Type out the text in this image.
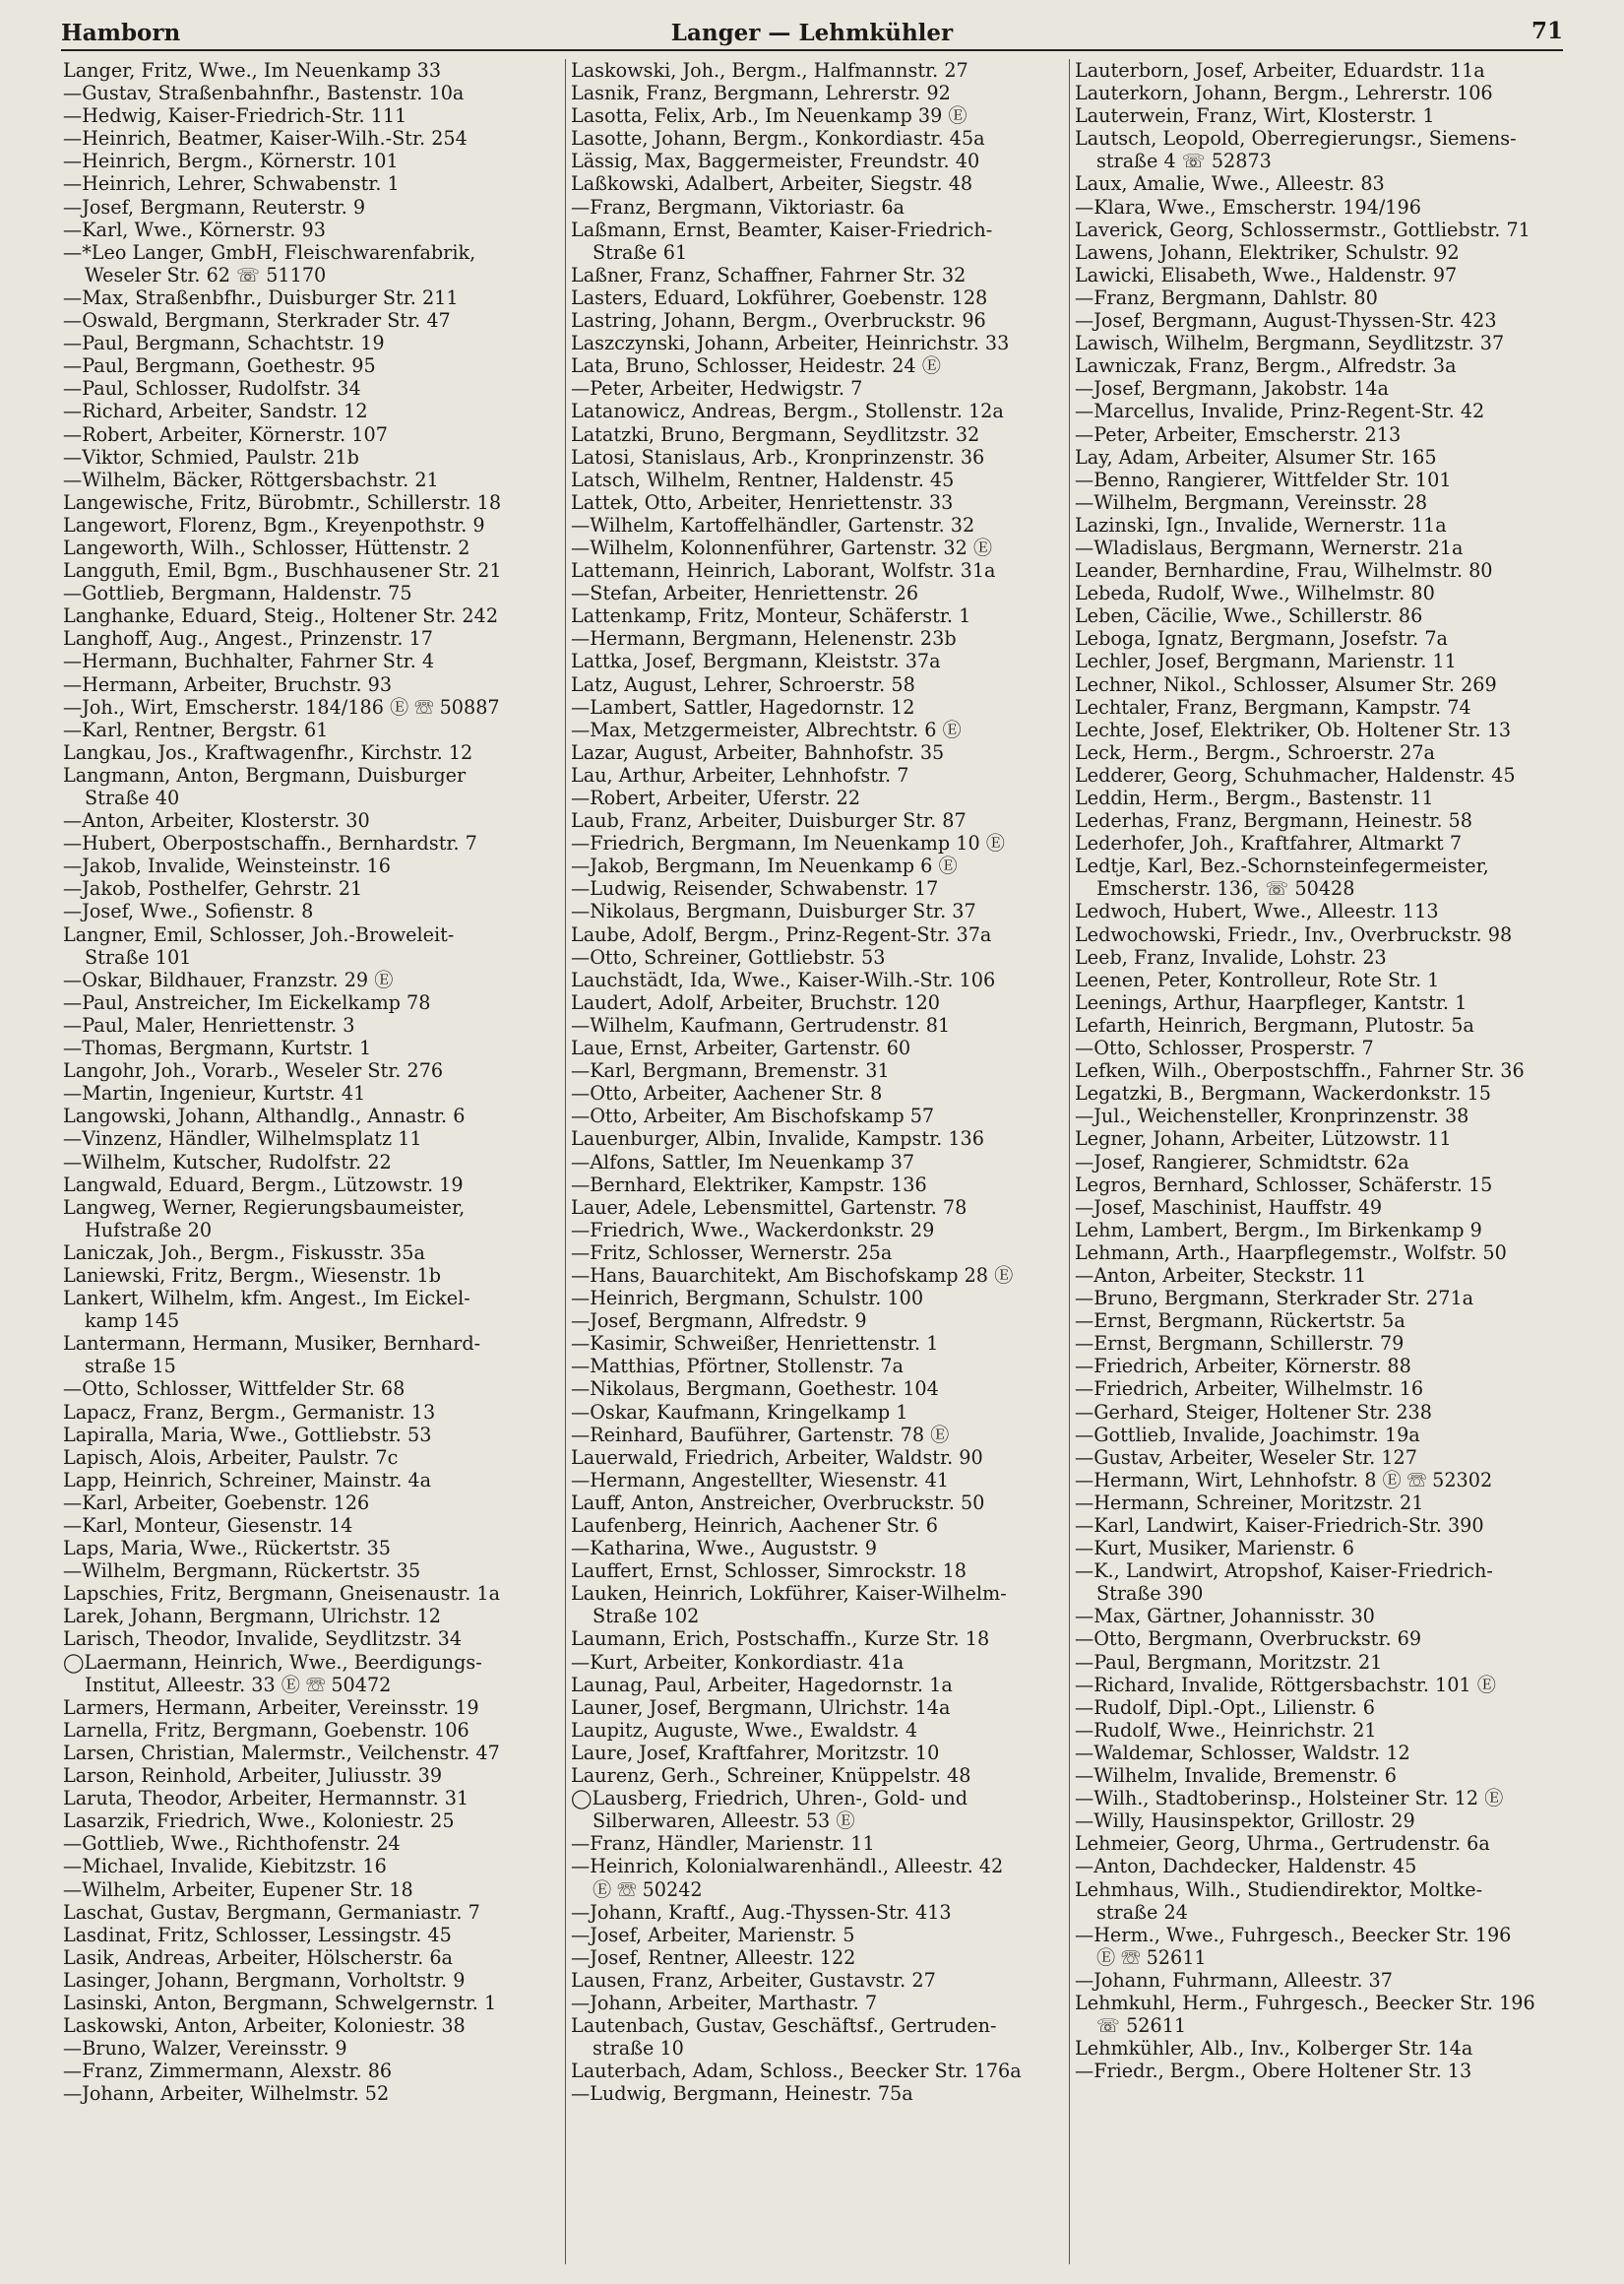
Hamborn	Langer — Lehmkühler	71
Langer, Fritz, Wwe., Im Neuenkamp 33
—Gustav, Straßenbahnfhr., Bastenstr. 10a
—Hedwig, Kaiser-Friedrich-Str. 111
—Heinrich, Beatmer, Kaiser-Wilh.-Str. 254
—Heinrich, Bergm., Körnerstr. 101
—Heinrich, Lehrer, Schwabenstr. 1
—Josef, Bergmann, Reuterstr. 9
—Karl, Wwe., Körnerstr. 93
—*Leo Langer, GmbH, Fleischwarenfabrik,
Weseler Str. 62 ☏ 51170
—Max, Straßenbfhr., Duisburger Str. 211
—Oswald, Bergmann, Sterkrader Str. 47
—Paul, Bergmann, Schachtstr. 19
—Paul, Bergmann, Goethestr. 95
—Paul, Schlosser, Rudolfstr. 34
—Richard, Arbeiter, Sandstr. 12
—Robert, Arbeiter, Körnerstr. 107
—Viktor, Schmied, Paulstr. 21b
—Wilhelm, Bäcker, Röttgersbachstr. 21
Langewische, Fritz, Bürobmtr., Schillerstr. 18
Langewort, Florenz, Bgm., Kreyenpothstr. 9
Langeworth, Wilh., Schlosser, Hüttenstr. 2
Langguth, Emil, Bgm., Buschhausener Str. 21
—Gottlieb, Bergmann, Haldenstr. 75
Langhanke, Eduard, Steig., Holtener Str. 242
Langhoff, Aug., Angest., Prinzenstr. 17
—Hermann, Buchhalter, Fahrner Str. 4
—Hermann, Arbeiter, Bruchstr. 93
—Joh., Wirt, Emscherstr. 184/186 Ⓔ ☏ 50887
—Karl, Rentner, Bergstr. 61
Langkau, Jos., Kraftwagenfhr., Kirchstr. 12
Langmann, Anton, Bergmann, Duisburger
Straße 40
—Anton, Arbeiter, Klosterstr. 30
—Hubert, Oberpostschaffn., Bernhardstr. 7
—Jakob, Invalide, Weinsteinstr. 16
—Jakob, Posthelfer, Gehrstr. 21
—Josef, Wwe., Sofienstr. 8
Langner, Emil, Schlosser, Joh.-Broweleit-
Straße 101
—Oskar, Bildhauer, Franzstr. 29 Ⓔ
—Paul, Anstreicher, Im Eickelkamp 78
—Paul, Maler, Henriettenstr. 3
—Thomas, Bergmann, Kurtstr. 1
Langohr, Joh., Vorarb., Weseler Str. 276
—Martin, Ingenieur, Kurtstr. 41
Langowski, Johann, Althandlg., Annastr. 6
—Vinzenz, Händler, Wilhelmsplatz 11
—Wilhelm, Kutscher, Rudolfstr. 22
Langwald, Eduard, Bergm., Lützowstr. 19
Langweg, Werner, Regierungsbaumeister,
Hufstraße 20
Laniczak, Joh., Bergm., Fiskusstr. 35a
Laniewski, Fritz, Bergm., Wiesenstr. 1b
Lankert, Wilhelm, kfm. Angest., Im Eickel-
kamp 145
Lantermann, Hermann, Musiker, Bernhard-
straße 15
—Otto, Schlosser, Wittfelder Str. 68
Lapacz, Franz, Bergm., Germanistr. 13
Lapiralla, Maria, Wwe., Gottliebstr. 53
Lapisch, Alois, Arbeiter, Paulstr. 7c
Lapp, Heinrich, Schreiner, Mainstr. 4a
—Karl, Arbeiter, Goebenstr. 126
—Karl, Monteur, Giesenstr. 14
Laps, Maria, Wwe., Rückertstr. 35
—Wilhelm, Bergmann, Rückertstr. 35
Lapschies, Fritz, Bergmann, Gneisenaustr. 1a
Larek, Johann, Bergmann, Ulrichstr. 12
Larisch, Theodor, Invalide, Seydlitzstr. 34
◯Laermann, Heinrich, Wwe., Beerdigungs-
Institut, Alleestr. 33 Ⓔ ☏ 50472
Larmers, Hermann, Arbeiter, Vereinsstr. 19
Larnella, Fritz, Bergmann, Goebenstr. 106
Larsen, Christian, Malermstr., Veilchenstr. 47
Larson, Reinhold, Arbeiter, Juliusstr. 39
Laruta, Theodor, Arbeiter, Hermannstr. 31
Lasarzik, Friedrich, Wwe., Koloniestr. 25
—Gottlieb, Wwe., Richthofenstr. 24
—Michael, Invalide, Kiebitzstr. 16
—Wilhelm, Arbeiter, Eupener Str. 18
Laschat, Gustav, Bergmann, Germaniastr. 7
Lasdinat, Fritz, Schlosser, Lessingstr. 45
Lasik, Andreas, Arbeiter, Hölscherstr. 6a
Lasinger, Johann, Bergmann, Vorholtstr. 9
Lasinski, Anton, Bergmann, Schwelgernstr. 1
Laskowski, Anton, Arbeiter, Koloniestr. 38
—Bruno, Walzer, Vereinsstr. 9
—Franz, Zimmermann, Alexstr. 86
—Johann, Arbeiter, Wilhelmstr. 52
Laskowski, Joh., Bergm., Halfmannstr. 27
Lasnik, Franz, Bergmann, Lehrerstr. 92
Lasotta, Felix, Arb., Im Neuenkamp 39 Ⓔ
Lasotte, Johann, Bergm., Konkordiastr. 45a
Lässig, Max, Baggermeister, Freundstr. 40
Laßkowski, Adalbert, Arbeiter, Siegstr. 48
—Franz, Bergmann, Viktoriastr. 6a
Laßmann, Ernst, Beamter, Kaiser-Friedrich-
Straße 61
Laßner, Franz, Schaffner, Fahrner Str. 32
Lasters, Eduard, Lokführer, Goebenstr. 128
Lastring, Johann, Bergm., Overbruckstr. 96
Laszczynski, Johann, Arbeiter, Heinrichstr. 33
Lata, Bruno, Schlosser, Heidestr. 24 Ⓔ
—Peter, Arbeiter, Hedwigstr. 7
Latanowicz, Andreas, Bergm., Stollenstr. 12a
Latatzki, Bruno, Bergmann, Seydlitzstr. 32
Latosi, Stanislaus, Arb., Kronprinzenstr. 36
Latsch, Wilhelm, Rentner, Haldenstr. 45
Lattek, Otto, Arbeiter, Henriettenstr. 33
—Wilhelm, Kartoffelhändler, Gartenstr. 32
—Wilhelm, Kolonnenführer, Gartenstr. 32 Ⓔ
Lattemann, Heinrich, Laborant, Wolfstr. 31a
—Stefan, Arbeiter, Henriettenstr. 26
Lattenkamp, Fritz, Monteur, Schäferstr. 1
—Hermann, Bergmann, Helenenstr. 23b
Lattka, Josef, Bergmann, Kleiststr. 37a
Latz, August, Lehrer, Schroerstr. 58
—Lambert, Sattler, Hagedornstr. 12
—Max, Metzgermeister, Albrechtstr. 6 Ⓔ
Lazar, August, Arbeiter, Bahnhofstr. 35
Lau, Arthur, Arbeiter, Lehnhofstr. 7
—Robert, Arbeiter, Uferstr. 22
Laub, Franz, Arbeiter, Duisburger Str. 87
—Friedrich, Bergmann, Im Neuenkamp 10 Ⓔ
—Jakob, Bergmann, Im Neuenkamp 6 Ⓔ
—Ludwig, Reisender, Schwabenstr. 17
—Nikolaus, Bergmann, Duisburger Str. 37
Laube, Adolf, Bergm., Prinz-Regent-Str. 37a
—Otto, Schreiner, Gottliebstr. 53
Lauchstädt, Ida, Wwe., Kaiser-Wilh.-Str. 106
Laudert, Adolf, Arbeiter, Bruchstr. 120
—Wilhelm, Kaufmann, Gertrudenstr. 81
Laue, Ernst, Arbeiter, Gartenstr. 60
—Karl, Bergmann, Bremenstr. 31
—Otto, Arbeiter, Aachener Str. 8
—Otto, Arbeiter, Am Bischofskamp 57
Lauenburger, Albin, Invalide, Kampstr. 136
—Alfons, Sattler, Im Neuenkamp 37
—Bernhard, Elektriker, Kampstr. 136
Lauer, Adele, Lebensmittel, Gartenstr. 78
—Friedrich, Wwe., Wackerdonkstr. 29
—Fritz, Schlosser, Wernerstr. 25a
—Hans, Bauarchitekt, Am Bischofskamp 28 Ⓔ
—Heinrich, Bergmann, Schulstr. 100
—Josef, Bergmann, Alfredstr. 9
—Kasimir, Schweißer, Henriettenstr. 1
—Matthias, Pförtner, Stollenstr. 7a
—Nikolaus, Bergmann, Goethestr. 104
—Oskar, Kaufmann, Kringelkamp 1
—Reinhard, Bauführer, Gartenstr. 78 Ⓔ
Lauerwald, Friedrich, Arbeiter, Waldstr. 90
—Hermann, Angestellter, Wiesenstr. 41
Lauff, Anton, Anstreicher, Overbruckstr. 50
Laufenberg, Heinrich, Aachener Str. 6
—Katharina, Wwe., Auguststr. 9
Lauffert, Ernst, Schlosser, Simrockstr. 18
Lauken, Heinrich, Lokführer, Kaiser-Wilhelm-
Straße 102
Laumann, Erich, Postschaffn., Kurze Str. 18
—Kurt, Arbeiter, Konkordiastr. 41a
Launag, Paul, Arbeiter, Hagedornstr. 1a
Launer, Josef, Bergmann, Ulrichstr. 14a
Laupitz, Auguste, Wwe., Ewaldstr. 4
Laure, Josef, Kraftfahrer, Moritzstr. 10
Laurenz, Gerh., Schreiner, Knüppelstr. 48
◯Lausberg, Friedrich, Uhren-, Gold- und
Silberwaren, Alleestr. 53 Ⓔ
—Franz, Händler, Marienstr. 11
—Heinrich, Kolonialwarenhändl., Alleestr. 42
Ⓔ ☏ 50242
—Johann, Kraftf., Aug.-Thyssen-Str. 413
—Josef, Arbeiter, Marienstr. 5
—Josef, Rentner, Alleestr. 122
Lausen, Franz, Arbeiter, Gustavstr. 27
—Johann, Arbeiter, Marthastr. 7
Lautenbach, Gustav, Geschäftsf., Gertruden-
straße 10
Lauterbach, Adam, Schloss., Beecker Str. 176a
—Ludwig, Bergmann, Heinestr. 75a
Lauterborn, Josef, Arbeiter, Eduardstr. 11a
Lauterkorn, Johann, Bergm., Lehrerstr. 106
Lauterwein, Franz, Wirt, Klosterstr. 1
Lautsch, Leopold, Oberregierungsr., Siemens-
straße 4 ☏ 52873
Laux, Amalie, Wwe., Alleestr. 83
—Klara, Wwe., Emscherstr. 194/196
Laverick, Georg, Schlossermstr., Gottliebstr. 71
Lawens, Johann, Elektriker, Schulstr. 92
Lawicki, Elisabeth, Wwe., Haldenstr. 97
—Franz, Bergmann, Dahlstr. 80
—Josef, Bergmann, August-Thyssen-Str. 423
Lawisch, Wilhelm, Bergmann, Seydlitzstr. 37
Lawniczak, Franz, Bergm., Alfredstr. 3a
—Josef, Bergmann, Jakobstr. 14a
—Marcellus, Invalide, Prinz-Regent-Str. 42
—Peter, Arbeiter, Emscherstr. 213
Lay, Adam, Arbeiter, Alsumer Str. 165
—Benno, Rangierer, Wittfelder Str. 101
—Wilhelm, Bergmann, Vereinsstr. 28
Lazinski, Ign., Invalide, Wernerstr. 11a
—Wladislaus, Bergmann, Wernerstr. 21a
Leander, Bernhardine, Frau, Wilhelmstr. 80
Lebeda, Rudolf, Wwe., Wilhelmstr. 80
Leben, Cäcilie, Wwe., Schillerstr. 86
Leboga, Ignatz, Bergmann, Josefstr. 7a
Lechler, Josef, Bergmann, Marienstr. 11
Lechner, Nikol., Schlosser, Alsumer Str. 269
Lechtaler, Franz, Bergmann, Kampstr. 74
Lechte, Josef, Elektriker, Ob. Holtener Str. 13
Leck, Herm., Bergm., Schroerstr. 27a
Ledderer, Georg, Schuhmacher, Haldenstr. 45
Leddin, Herm., Bergm., Bastenstr. 11
Lederhas, Franz, Bergmann, Heinestr. 58
Lederhofer, Joh., Kraftfahrer, Altmarkt 7
Ledtje, Karl, Bez.-Schornsteinfegermeister,
Emscherstr. 136, ☏ 50428
Ledwoch, Hubert, Wwe., Alleestr. 113
Ledwochowski, Friedr., Inv., Overbruckstr. 98
Leeb, Franz, Invalide, Lohstr. 23
Leenen, Peter, Kontrolleur, Rote Str. 1
Leenings, Arthur, Haarpfleger, Kantstr. 1
Lefarth, Heinrich, Bergmann, Plutostr. 5a
—Otto, Schlosser, Prosperstr. 7
Lefken, Wilh., Oberpostschffn., Fahrner Str. 36
Legatzki, B., Bergmann, Wackerdonkstr. 15
—Jul., Weichensteller, Kronprinzenstr. 38
Legner, Johann, Arbeiter, Lützowstr. 11
—Josef, Rangierer, Schmidtstr. 62a
Legros, Bernhard, Schlosser, Schäferstr. 15
—Josef, Maschinist, Hauffstr. 49
Lehm, Lambert, Bergm., Im Birkenkamp 9
Lehmann, Arth., Haarpflegemstr., Wolfstr. 50
—Anton, Arbeiter, Steckstr. 11
—Bruno, Bergmann, Sterkrader Str. 271a
—Ernst, Bergmann, Rückertstr. 5a
—Ernst, Bergmann, Schillerstr. 79
—Friedrich, Arbeiter, Körnerstr. 88
—Friedrich, Arbeiter, Wilhelmstr. 16
—Gerhard, Steiger, Holtener Str. 238
—Gottlieb, Invalide, Joachimstr. 19a
—Gustav, Arbeiter, Weseler Str. 127
—Hermann, Wirt, Lehnhofstr. 8 Ⓔ ☏ 52302
—Hermann, Schreiner, Moritzstr. 21
—Karl, Landwirt, Kaiser-Friedrich-Str. 390
—Kurt, Musiker, Marienstr. 6
—K., Landwirt, Atropshof, Kaiser-Friedrich-
Straße 390
—Max, Gärtner, Johannisstr. 30
—Otto, Bergmann, Overbruckstr. 69
—Paul, Bergmann, Moritzstr. 21
—Richard, Invalide, Röttgersbachstr. 101 Ⓔ
—Rudolf, Dipl.-Opt., Lilienstr. 6
—Rudolf, Wwe., Heinrichstr. 21
—Waldemar, Schlosser, Waldstr. 12
—Wilhelm, Invalide, Bremenstr. 6
—Wilh., Stadtoberinsp., Holsteiner Str. 12 Ⓔ
—Willy, Hausinspektor, Grillostr. 29
Lehmeier, Georg, Uhrma., Gertrudenstr. 6a
—Anton, Dachdecker, Haldenstr. 45
Lehmhaus, Wilh., Studiendirektor, Moltke-
straße 24
—Herm., Wwe., Fuhrgesch., Beecker Str. 196
Ⓔ ☏ 52611
—Johann, Fuhrmann, Alleestr. 37
Lehmkuhl, Herm., Fuhrgesch., Beecker Str. 196
☏ 52611
Lehmkühler, Alb., Inv., Kolberger Str. 14a
—Friedr., Bergm., Obere Holtener Str. 13
